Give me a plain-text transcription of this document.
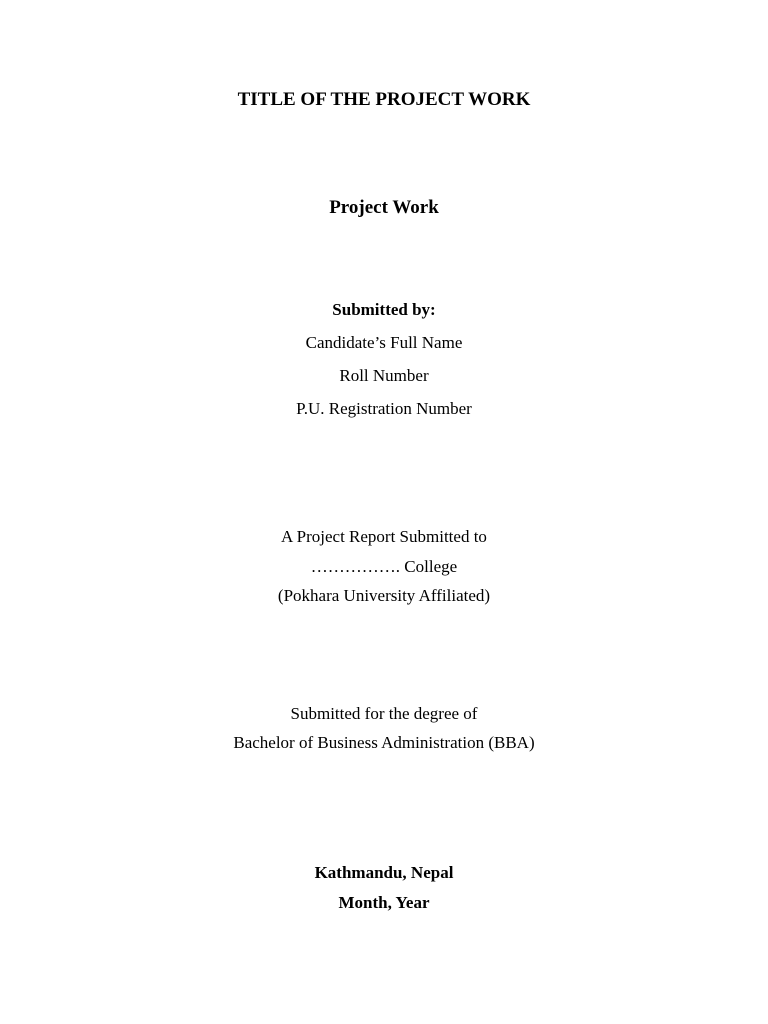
TITLE OF THE PROJECT WORK
Project Work
Submitted by:
Candidate’s Full Name
Roll Number
P.U. Registration Number
A Project Report Submitted to
……………. College
(Pokhara University Affiliated)
Submitted for the degree of
Bachelor of Business Administration (BBA)
Kathmandu, Nepal
Month, Year
